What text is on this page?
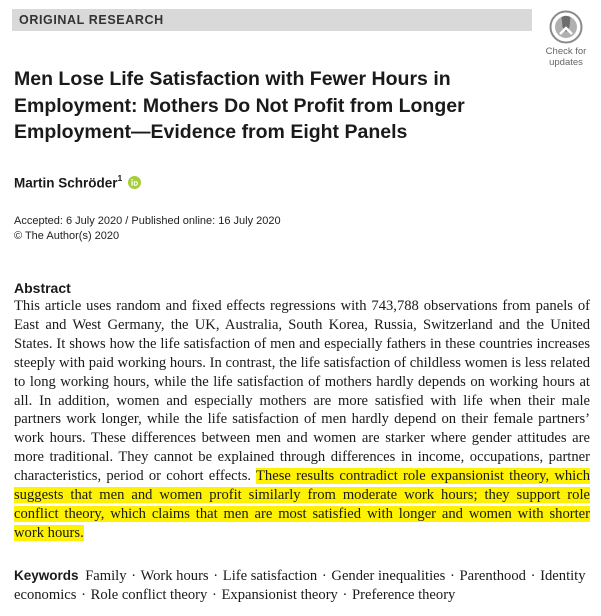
ORIGINAL RESEARCH
Check for
updates
Men Lose Life Satisfaction with Fewer Hours in Employment: Mothers Do Not Profit from Longer Employment—Evidence from Eight Panels
Martin Schröder$^1$
Accepted: 6 July 2020 / Published online: 16 July 2020
© The Author(s) 2020
Abstract

This article uses random and fixed effects regressions with 743,788 observations from panels of East and West Germany, the UK, Australia, South Korea, Russia, Switzerland and the United States. It shows how the life satisfaction of men and especially fathers in these countries increases steeply with paid working hours. In contrast, the life satisfaction of childless women is less related to long working hours, while the life satisfaction of mothers hardly depends on working hours at all. In addition, women and especially mothers are more satisfied with life when their male partners work longer, while the life satisfaction of men hardly depend on their female partners’ work hours. These differences between men and women are starker where gender attitudes are more traditional. They cannot be explained through differences in income, occupations, partner characteristics, period or cohort effects. These results contradict role expansionist theory, which suggests that men and women profit similarly from moderate work hours; they support role conflict theory, which claims that men are most satisfied with longer and women with shorter work hours.

Keywords Family · Work hours · Life satisfaction · Gender inequalities · Parenthood · Identity economics · Role conflict theory · Expansionist theory · Preference theory
